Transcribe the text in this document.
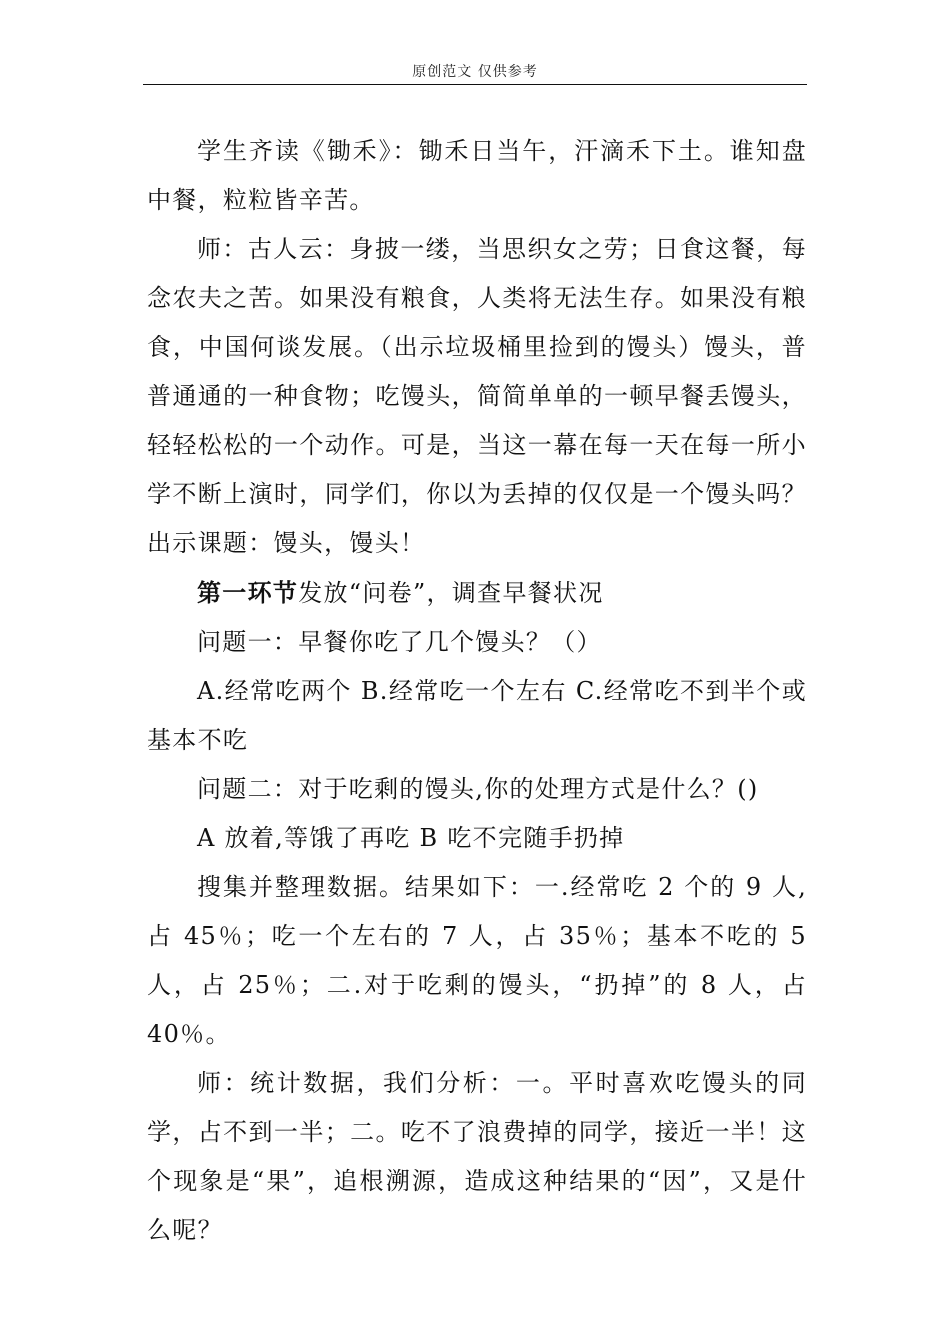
原创范文 仅供参考

学生齐读《锄禾》：锄禾日当午，汗滴禾下土。谁知盘中餐，粒粒皆辛苦。

师：古人云：身披一缕，当思织女之劳；日食这餐，每念农夫之苦。如果没有粮食，人类将无法生存。如果没有粮食，中国何谈发展。（出示垃圾桶里捡到的馒头）馒头，普普通通的一种食物；吃馒头，简简单单的一顿早餐丢馒头，轻轻松松的一个动作。可是，当这一幕在每一天在每一所小学不断上演时，同学们，你以为丢掉的仅仅是一个馒头吗？出示课题：馒头，馒头！

第一环节发放“问卷”，调查早餐状况

问题一：早餐你吃了几个馒头？（）

A.经常吃两个 B.经常吃一个左右 C.经常吃不到半个或基本不吃

问题二：对于吃剩的馒头,你的处理方式是什么？()

A 放着,等饿了再吃 B 吃不完随手扔掉

搜集并整理数据。结果如下：一.经常吃 2 个的 9 人,占 45％；吃一个左右的 7 人，占 35％；基本不吃的 5 人，占 25％；二.对于吃剩的馒头，“扔掉”的 8 人，占 40％。

师：统计数据，我们分析：一。平时喜欢吃馒头的同学，占不到一半；二。吃不了浪费掉的同学，接近一半！这个现象是“果”，追根溯源，造成这种结果的“因”，又是什么呢？
